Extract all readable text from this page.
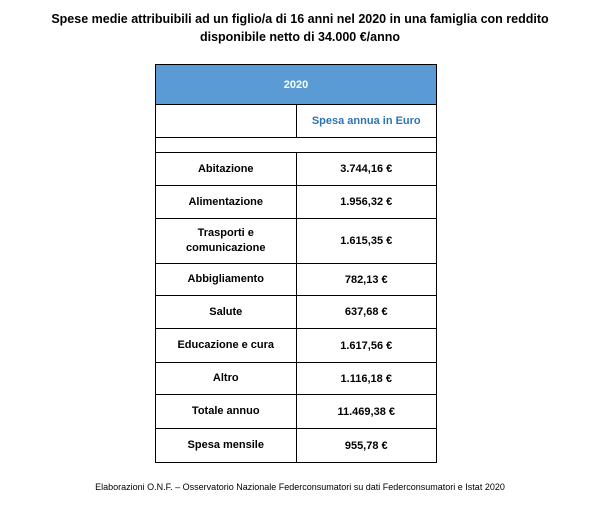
Spese medie attribuibili ad un figlio/a di 16 anni nel 2020 in una famiglia con reddito
disponibile netto di 34.000 €/anno
2020	
	Spesa annua in Euro

Abitazione	3.744,16 €
Alimentazione	1.956,32 €
Trasporti e comunicazione	1.615,35 €
Abbigliamento	782,13 €
Salute	637,68 €
Educazione e cura	1.617,56 €
Altro	1.116,18 €
Totale annuo	11.469,38 €
Spesa mensile	955,78 €
Elaborazioni O.N.F. – Osservatorio Nazionale Federconsumatori su dati Federconsumatori e Istat 2020
